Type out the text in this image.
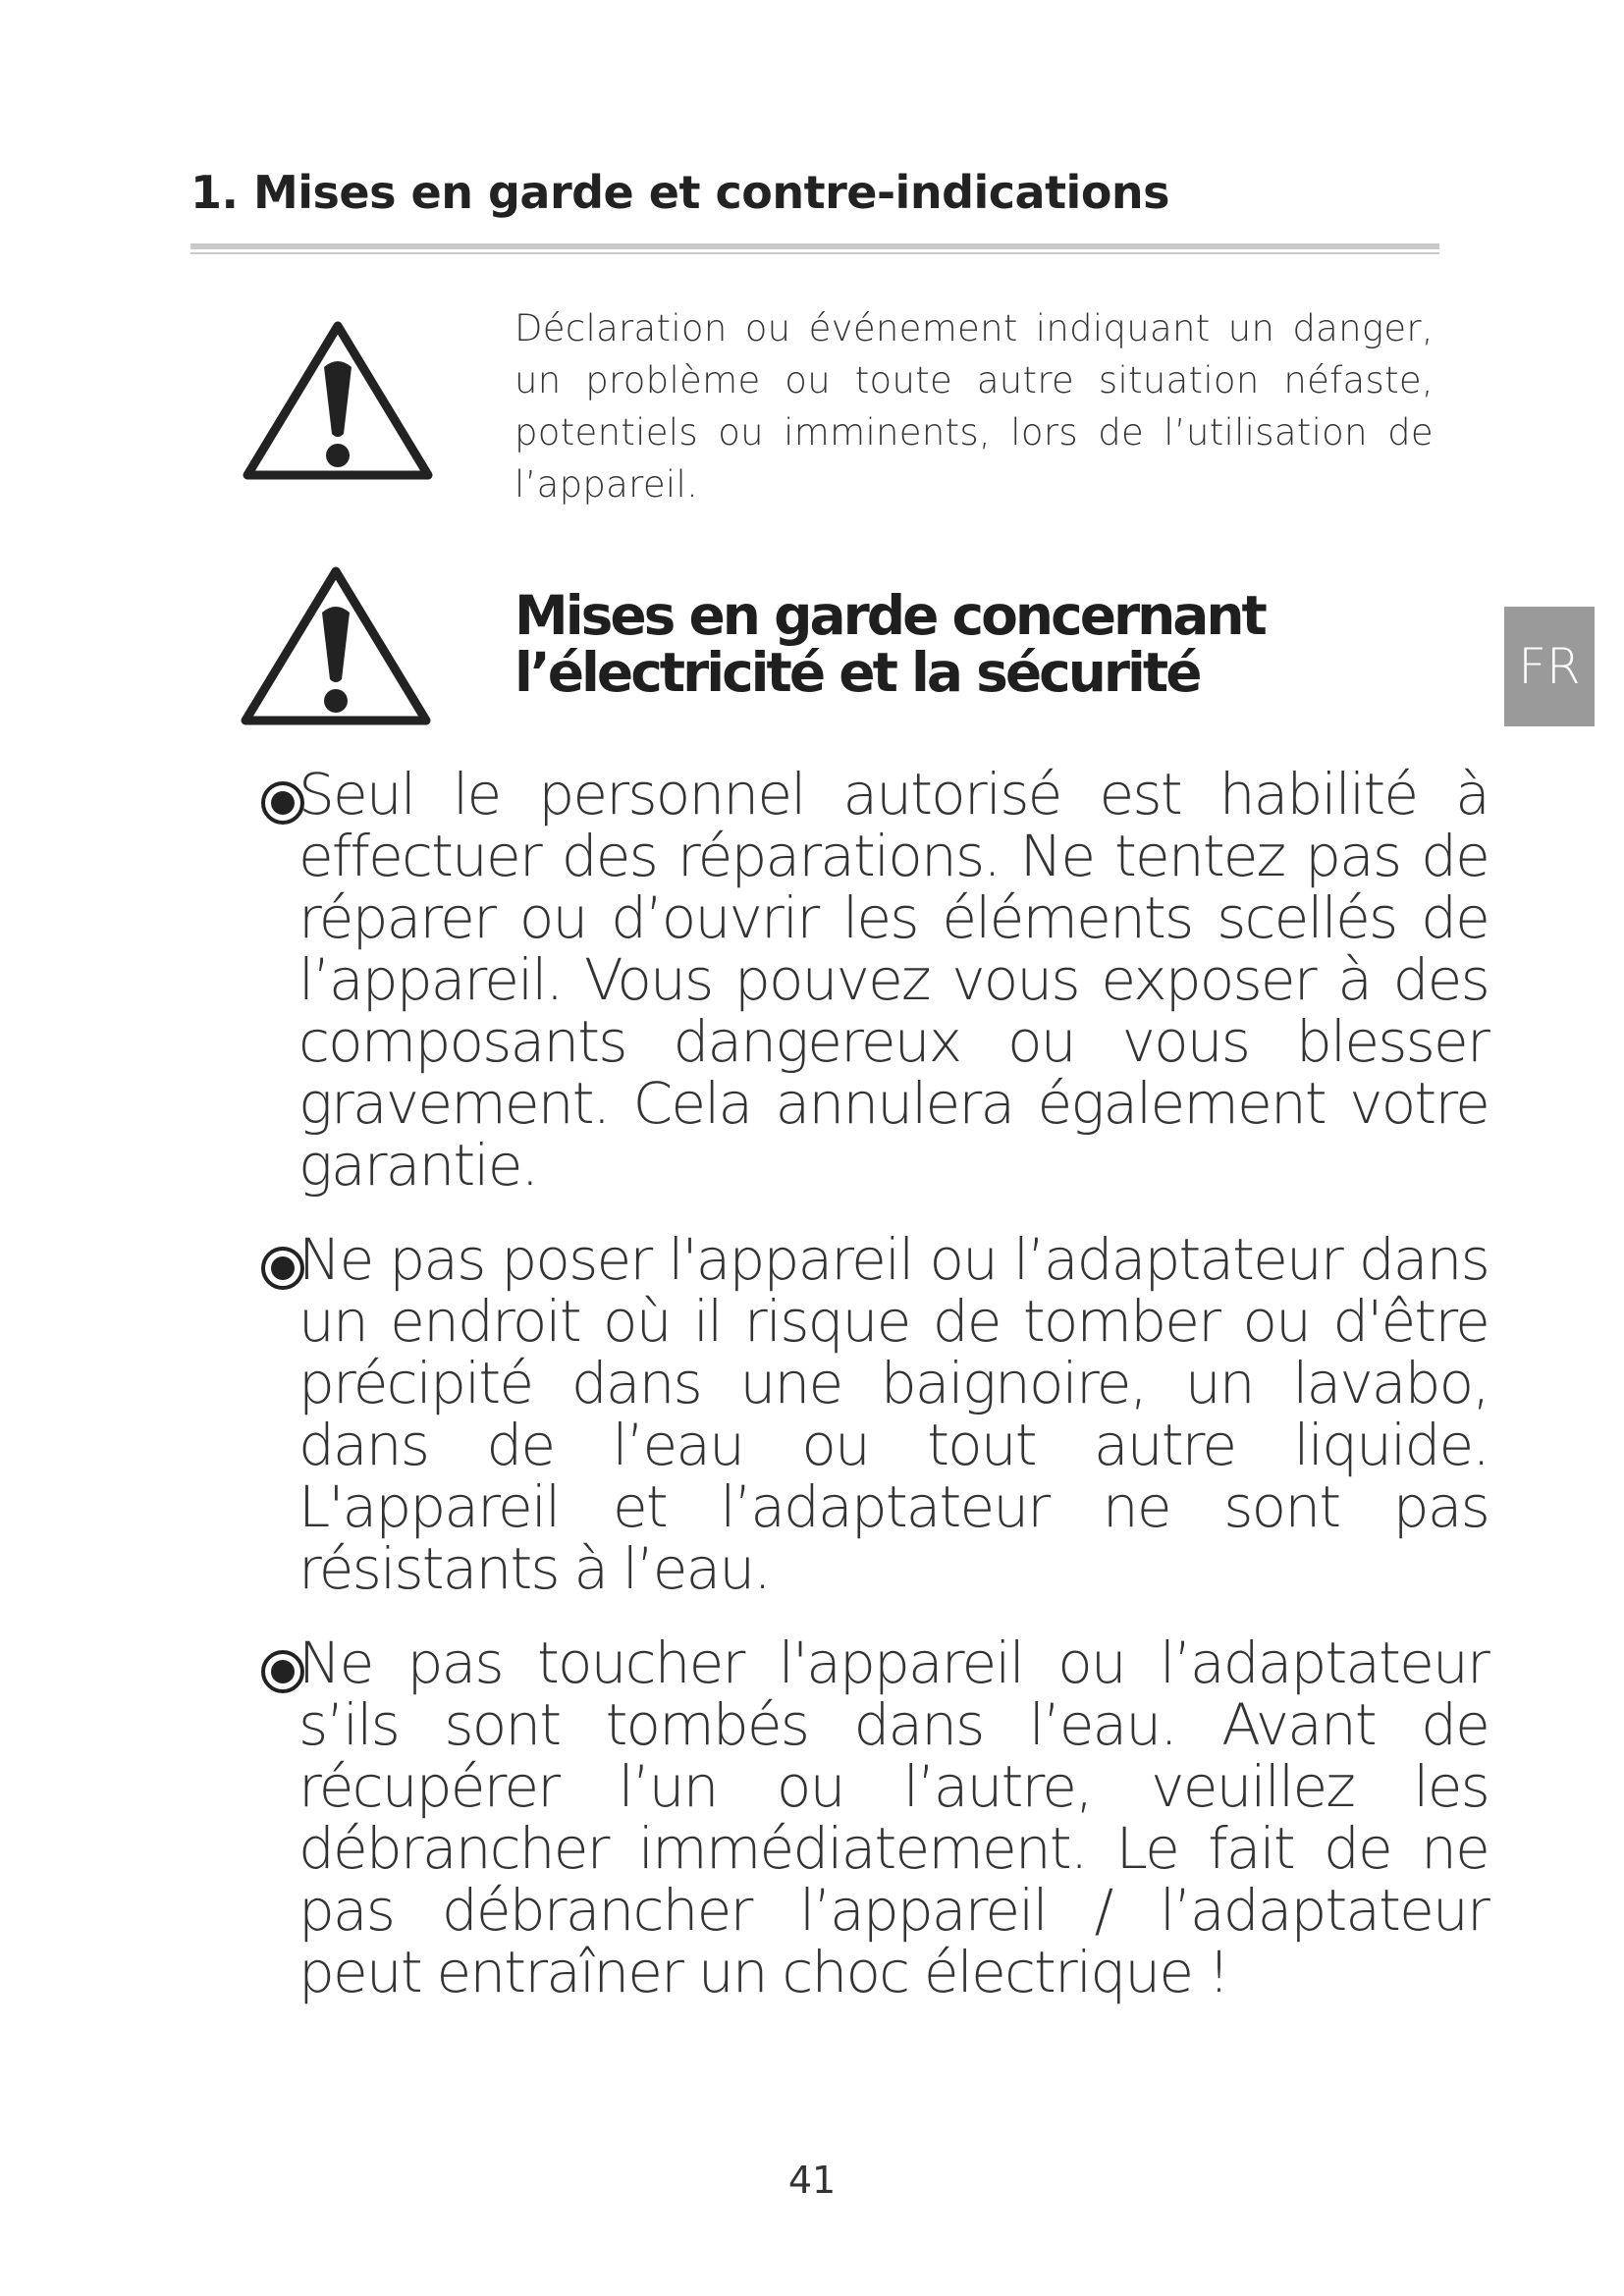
1. Mises en garde et contre-indications

Déclaration ou événement indiquant un danger, un problème ou toute autre situation néfaste, potentiels ou imminents, lors de l’utilisation de l’appareil.

Mises en garde concernant
l’électricité et la sécurité	FR
Seul le personnel autorisé est habilité à effectuer des réparations. Ne tentez pas de réparer ou d’ouvrir les éléments scellés de l’appareil. Vous pouvez vous exposer à des composants dangereux ou vous blesser gravement. Cela annulera également votre garantie.
Ne pas poser l'appareil ou l’adaptateur dans un endroit où il risque de tomber ou d'être précipité dans une baignoire, un lavabo, dans de l’eau ou tout autre liquide. L'appareil et l’adaptateur ne sont pas résistants à l’eau.
Ne pas toucher l'appareil ou l’adaptateur s’ils sont tombés dans l’eau. Avant de récupérer l’un ou l’autre, veuillez les débrancher immédiatement. Le fait de ne pas débrancher l’appareil / l’adaptateur peut entraîner un choc électrique !
41
